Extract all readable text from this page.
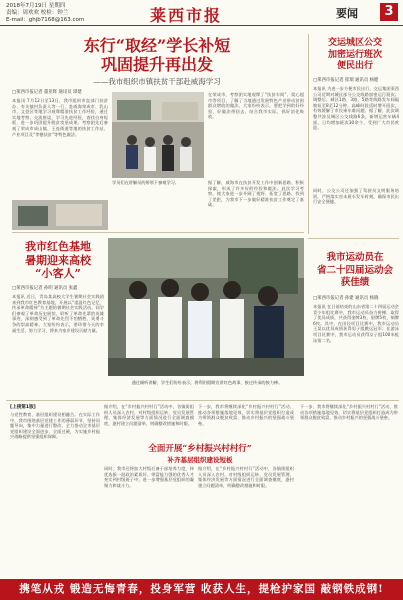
2018年7月19日 星期四
责编：周欢欢 校检：钟兰
E-mail：ghjb7168@163.com	莱西市报	要闻	3
东行“取经”学长补短
巩固提升再出发
——我市组织市镇扶贫干部赴威海学习
□莱西市报记者 董亚辉 通讯员 谭建
本报讯 7月12日至13日，我市组织市直部门扶贫办、有关镇村负责人等一行，赴威海荣成市、乳山市、文登区等地学习观摩精准扶贫工作经验，通过实地考察、交流座谈，学习先进经验，查找自身短板，进一步巩固提升脱贫攻坚成果。考察团先后参观了荣成市成山镇、王连街道等地的扶贫工作站、产业项目及“孝德扶贫”等特色做法。
在荣成市，考察团实地观摩了“扶贫车间”、爱心超市等项目，了解了当地通过发展特色产业带动贫困群众增收的做法。大家纷纷表示，要把学到的好经验、好做法带回去，结合我市实际，抓好消化吸收。
学员们在讲解员的带领下参观学习。	据了解，威海市在扶贫开发工作中创新思路、积极探索，形成了许多好的经验和做法。此次学习考察，使大家进一步开阔了视野、拓宽了思路、找到了差距，为我市下一步做好精准扶贫工作奠定了基础。
交运城区公交
加密运行班次
便民出行
□莱西市报记者 崔瑞 通讯员 杨健
本报讯 为进一步方便市民出行，交运集团莱西公司近期对城区部分公交线路加密运行班次。调整后，城区1路、3路、5路等线路发车间隔缩短至8至12分钟，高峰时段适时增开班次，有效缓解了市民乘车难问题。据了解，此次调整共涉及城区公交线路6条，新增运营车辆4部，日均增加班次30余个，受到广大市民欢迎。
同时，公交公司还加强了驾驶员文明服务培训，严格落实首末班车发车时刻，确保市民出行安全便捷。
我市红色基地
暑期迎来高校
“小客人”
□莱西市报记者 孙明 通讯员 张鑫
本报讯 近日，青岛某高校大学生暑期社会实践团来到我市红色教育基地，开展以“重温红色记忆，传承革命精神”为主题的暑期社会实践活动。同学们参观了革命历史展馆，聆听了革命先辈的英雄事迹，深刻感受到了革命先烈不怕牺牲、英勇斗争的崇高精神。大家纷纷表示，要珍惜今天的幸福生活，努力学习，将来为家乡建设贡献力量。
通过倾听讲解，学生们纷纷表示，将利用假期宣讲红色故事，接过传承的接力棒。
我市运动员在
省二十四届运动会
获佳绩
□莱西市报记者 孙建 通讯员 杨晓
本报讯 在日前结束的山东省第二十四届运动会青少年组比赛中，我市运动员奋力拼搏，取得了优异成绩，共获得金牌3枚、银牌5枚、铜牌6枚。其中，在田径项目比赛中，我市运动员王某以优异成绩获得男子组跳远冠军；在游泳项目比赛中，我市运动员获得女子组100米蛙泳第二名。
[上接第1版]
与党性教育、基层组织建设相融合。在实际工作中，我市围绕基层党建工作的薄弱环节，坚持问题导向，集中力量进行整改，全力推动全市基层党组织建设全面进步、全面过硬，为实施乡村振兴战略提供坚强组织保障。
据介绍，在“乡村振兴村村行”活动中，各镇街组织人员深入农村，对村级组织运转、党员发展管理、集体经济发展等方面情况进行全面调查摸底，逐村建立问题清单，明确整改措施和时限。
全面开展“乡村振兴村村行”
补齐基层组织建设短板
同时，我市还将加大村级后备干部培养力度，择优选拔一批政治素质好、带富能力强的优秀人才充实到村级班子中，进一步增强基层党组织的凝聚力和战斗力。
下一步，我市将继续深化“乡村振兴村村行”活动，推动各项措施落地见效，切实将基层党组织打造成为带领群众脱贫致富、推动乡村振兴的坚强战斗堡垒。
据介绍，在“乡村振兴村村行”活动中，各镇街组织人员深入农村，对村级组织运转、党员发展管理、集体经济发展等方面情况进行全面调查摸底，逐村建立问题清单，明确整改措施和时限。
下一步，我市将继续深化“乡村振兴村村行”活动，推动各项措施落地见效，切实将基层党组织打造成为带领群众脱贫致富、推动乡村振兴的坚强战斗堡垒。
携笔从戎 锻造无悔青春，投身军营 收获人生，提枪护家国 敲钢铁成钢!
